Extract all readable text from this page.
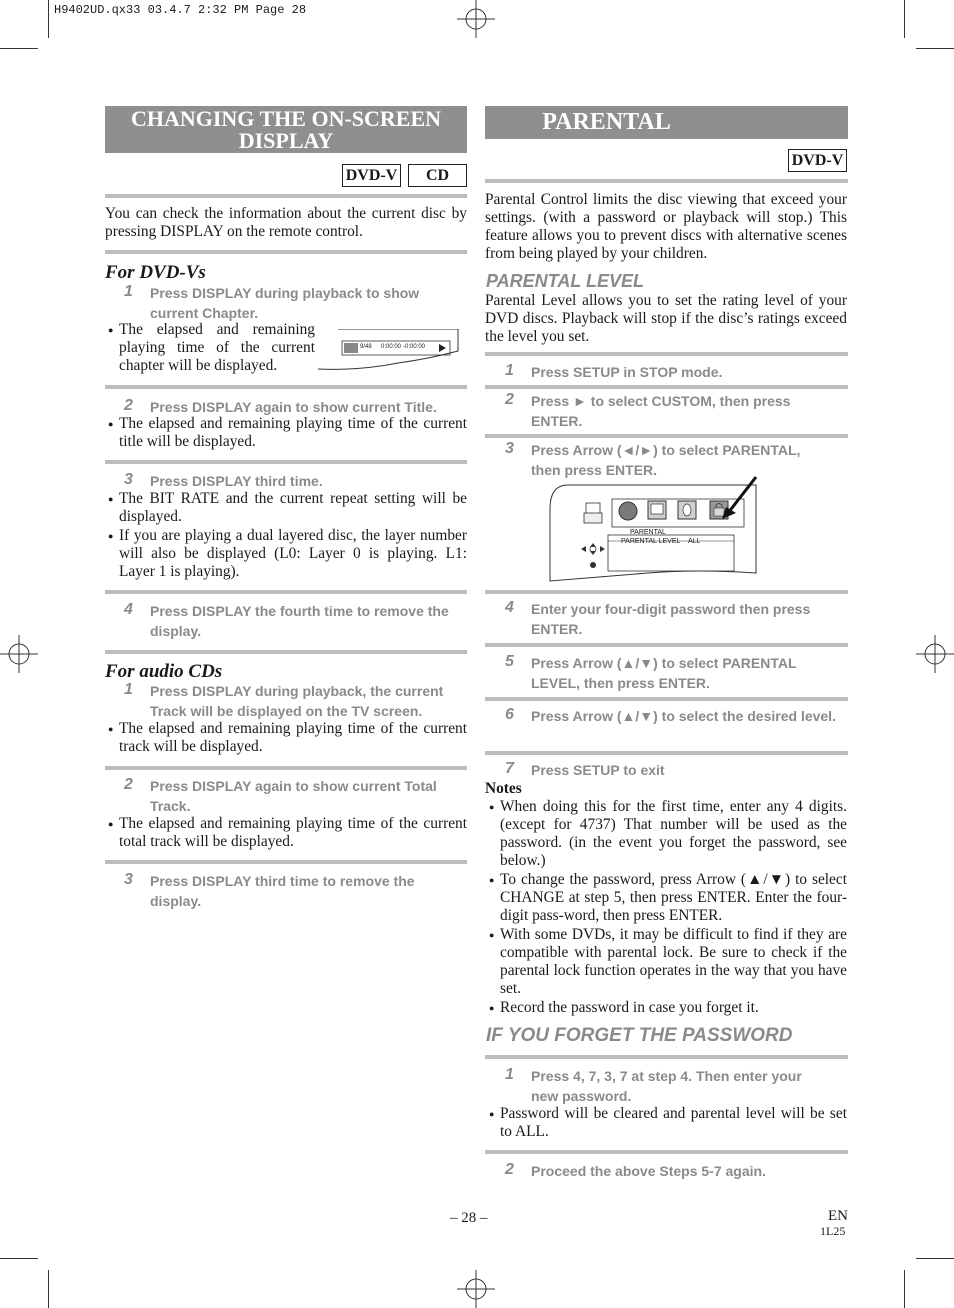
H9402UD.qx33 03.4.7 2:32 PM Page 28
CHANGING THE ON-SCREEN DISPLAY
DVD-V	CD
You can check the information about the current disc by pressing DISPLAY on the remote control.
For DVD-Vs
1 Press DISPLAY during playback to show current Chapter.
● The elapsed and remaining playing time of the current chapter will be displayed.
9/48 0:00:00 -0:00:00
2 Press DISPLAY again to show current Title.
● The elapsed and remaining playing time of the current title will be displayed.
3 Press DISPLAY third time.
● The BIT RATE and the current repeat setting will be displayed.
● If you are playing a dual layered disc, the layer number will also be displayed (L0: Layer 0 is playing. L1: Layer 1 is playing).
4 Press DISPLAY the fourth time to remove the display.
For audio CDs
1 Press DISPLAY during playback, the current Track will be displayed on the TV screen.
● The elapsed and remaining playing time of the current track will be displayed.
2 Press DISPLAY again to show current Total Track.
● The elapsed and remaining playing time of the current total track will be displayed.
3 Press DISPLAY third time to remove the display.
PARENTAL CONTROL	DVD-V
Parental Control limits the disc viewing that exceed your settings. (with a password or playback will stop.) This feature allows you to prevent discs with alternative scenes from being played by your children.
PARENTAL LEVEL
Parental Level allows you to set the rating level of your DVD discs. Playback will stop if the disc’s ratings exceed the level you set.
1 Press SETUP in STOP mode.
2 Press ► to select CUSTOM, then press ENTER.
3 Press Arrow (◄/►) to select PARENTAL, then press ENTER.
PARENTAL
PARENTAL LEVEL ALL
4 Enter your four-digit password then press ENTER.
5 Press Arrow (▲/▼) to select PARENTAL LEVEL, then press ENTER.
6 Press Arrow (▲/▼) to select the desired level.
7 Press SETUP to exit
Notes
● When doing this for the first time, enter any 4 digits. (except for 4737) That number will be used as the password. (in the event you forget the password, see below.)
● To change the password, press Arrow (▲/▼) to select CHANGE at step 5, then press ENTER. Enter the four-digit pass-word, then press ENTER.
● With some DVDs, it may be difficult to find if they are compatible with parental lock. Be sure to check if the parental lock function operates in the way that you have set.
● Record the password in case you forget it.
IF YOU FORGET THE PASSWORD
1 Press 4, 7, 3, 7 at step 4. Then enter your new password.
● Password will be cleared and parental level will be set to ALL.
2 Proceed the above Steps 5-7 again.
– 28 –	EN
1L25
